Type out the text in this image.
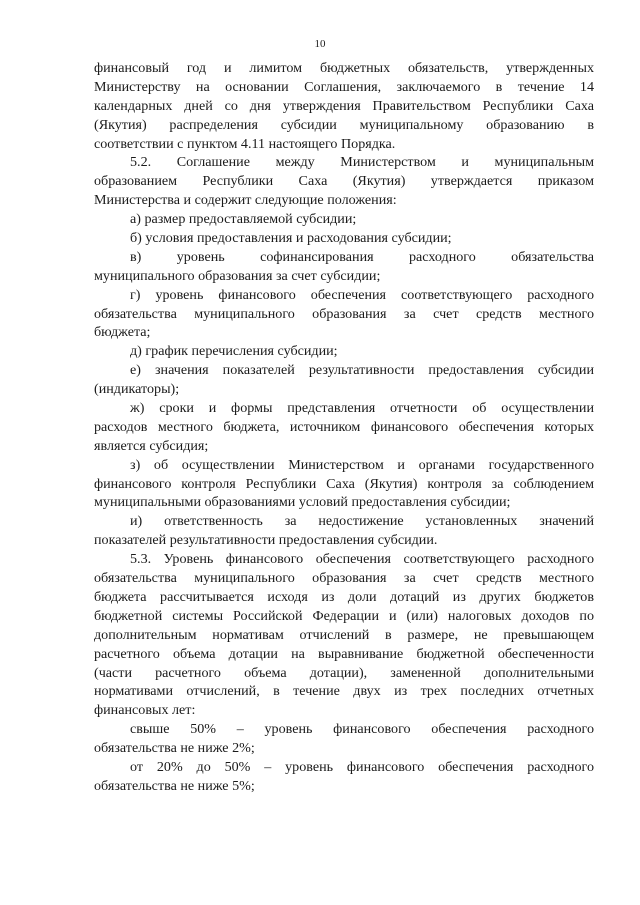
10
финансовый год и лимитом бюджетных обязательств, утвержденных
Министерству на основании Соглашения, заключаемого в течение 14
календарных дней со дня утверждения Правительством Республики Саха
(Якутия) распределения субсидии муниципальному образованию в
соответствии с пунктом 4.11 настоящего Порядка.
5.2. Соглашение между Министерством и муниципальным
образованием Республики Саха (Якутия) утверждается приказом
Министерства и содержит следующие положения:
а) размер предоставляемой субсидии;
б) условия предоставления и расходования субсидии;
в) уровень софинансирования расходного обязательства
муниципального образования за счет субсидии;
г) уровень финансового обеспечения соответствующего расходного
обязательства муниципального образования за счет средств местного
бюджета;
д) график перечисления субсидии;
е) значения показателей результативности предоставления субсидии
(индикаторы);
ж) сроки и формы представления отчетности об осуществлении
расходов местного бюджета, источником финансового обеспечения которых
является субсидия;
з) об осуществлении Министерством и органами государственного
финансового контроля Республики Саха (Якутия) контроля за соблюдением
муниципальными образованиями условий предоставления субсидии;
и) ответственность за недостижение установленных значений
показателей результативности предоставления субсидии.
5.3. Уровень финансового обеспечения соответствующего расходного
обязательства муниципального образования за счет средств местного
бюджета рассчитывается исходя из доли дотаций из других бюджетов
бюджетной системы Российской Федерации и (или) налоговых доходов по
дополнительным нормативам отчислений в размере, не превышающем
расчетного объема дотации на выравнивание бюджетной обеспеченности
(части расчетного объема дотации), замененной дополнительными
нормативами отчислений, в течение двух из трех последних отчетных
финансовых лет:
свыше 50% – уровень финансового обеспечения расходного
обязательства не ниже 2%;
от 20% до 50% – уровень финансового обеспечения расходного
обязательства не ниже 5%;
